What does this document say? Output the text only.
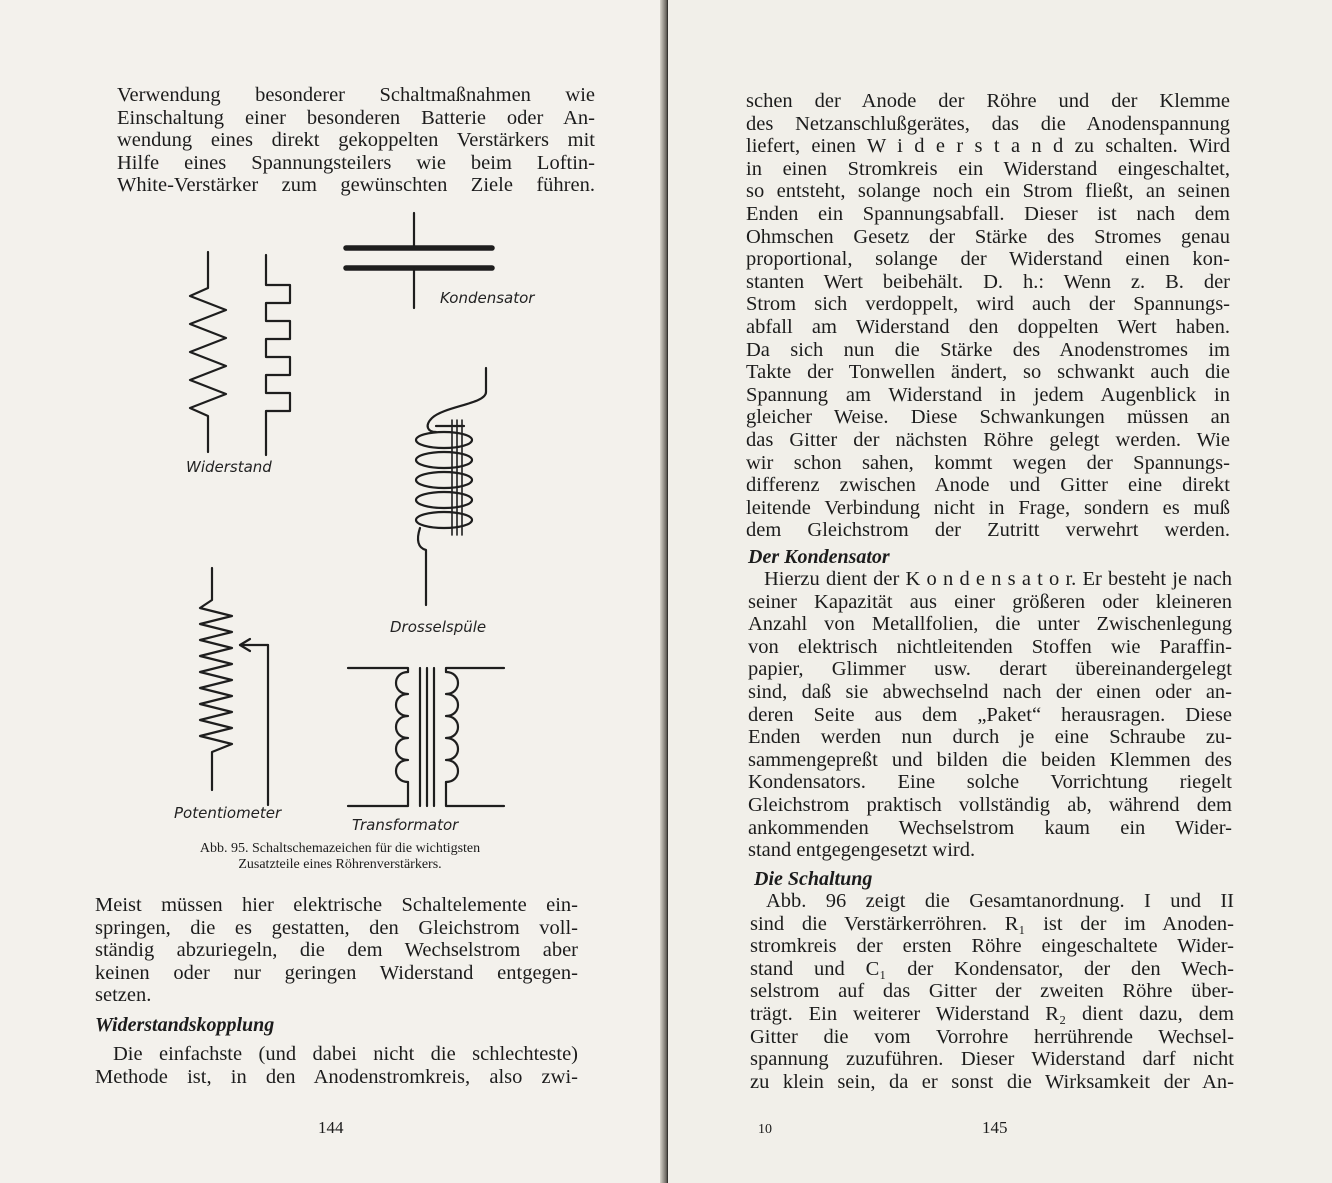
Verwendung besonderer Schaltmaßnahmen wie
Einschaltung einer besonderen Batterie oder An-
wendung eines direkt gekoppelten Verstärkers mit
Hilfe eines Spannungsteilers wie beim Loftin-
White-Verstärker zum gewünschten Ziele führen.
Kondensator
Widerstand
Drosselspüle
Potentiometer
Transformator
Abb. 95. Schaltschemazeichen für die wichtigsten
Zusatzteile eines Röhrenverstärkers.
Meist müssen hier elektrische Schaltelemente ein-
springen, die es gestatten, den Gleichstrom voll-
ständig abzuriegeln, die dem Wechselstrom aber
keinen oder nur geringen Widerstand entgegen-
setzen.
Widerstandskopplung
Die einfachste (und dabei nicht die schlechteste)
Methode ist, in den Anodenstromkreis, also zwi-
144
schen der Anode der Röhre und der Klemme
des Netzanschlußgerätes, das die Anodenspannung
liefert, einen W i d e r s t a n d zu schalten. Wird
in einen Stromkreis ein Widerstand eingeschaltet,
so entsteht, solange noch ein Strom fließt, an seinen
Enden ein Spannungsabfall. Dieser ist nach dem
Ohmschen Gesetz der Stärke des Stromes genau
proportional, solange der Widerstand einen kon-
stanten Wert beibehält. D. h.: Wenn z. B. der
Strom sich verdoppelt, wird auch der Spannungs-
abfall am Widerstand den doppelten Wert haben.
Da sich nun die Stärke des Anodenstromes im
Takte der Tonwellen ändert, so schwankt auch die
Spannung am Widerstand in jedem Augenblick in
gleicher Weise. Diese Schwankungen müssen an
das Gitter der nächsten Röhre gelegt werden. Wie
wir schon sahen, kommt wegen der Spannungs-
differenz zwischen Anode und Gitter eine direkt
leitende Verbindung nicht in Frage, sondern es muß
dem Gleichstrom der Zutritt verwehrt werden.
Der Kondensator
Hierzu dient der K o n d e n s a t o r. Er besteht je nach
seiner Kapazität aus einer größeren oder kleineren
Anzahl von Metallfolien, die unter Zwischenlegung
von elektrisch nichtleitenden Stoffen wie Paraffin-
papier, Glimmer usw. derart übereinandergelegt
sind, daß sie abwechselnd nach der einen oder an-
deren Seite aus dem „Paket“ herausragen. Diese
Enden werden nun durch je eine Schraube zu-
sammengepreßt und bilden die beiden Klemmen des
Kondensators. Eine solche Vorrichtung riegelt
Gleichstrom praktisch vollständig ab, während dem
ankommenden Wechselstrom kaum ein Wider-
stand entgegengesetzt wird.
Die Schaltung
Abb. 96 zeigt die Gesamtanordnung. I und II
sind die Verstärkerröhren. R₁ ist der im Anoden-
stromkreis der ersten Röhre eingeschaltete Wider-
stand und C₁ der Kondensator, der den Wech-
selstrom auf das Gitter der zweiten Röhre über-
trägt. Ein weiterer Widerstand R₂ dient dazu, dem
Gitter die vom Vorrohre herrührende Wechsel-
spannung zuzuführen. Dieser Widerstand darf nicht
zu klein sein, da er sonst die Wirksamkeit der An-
10	145
